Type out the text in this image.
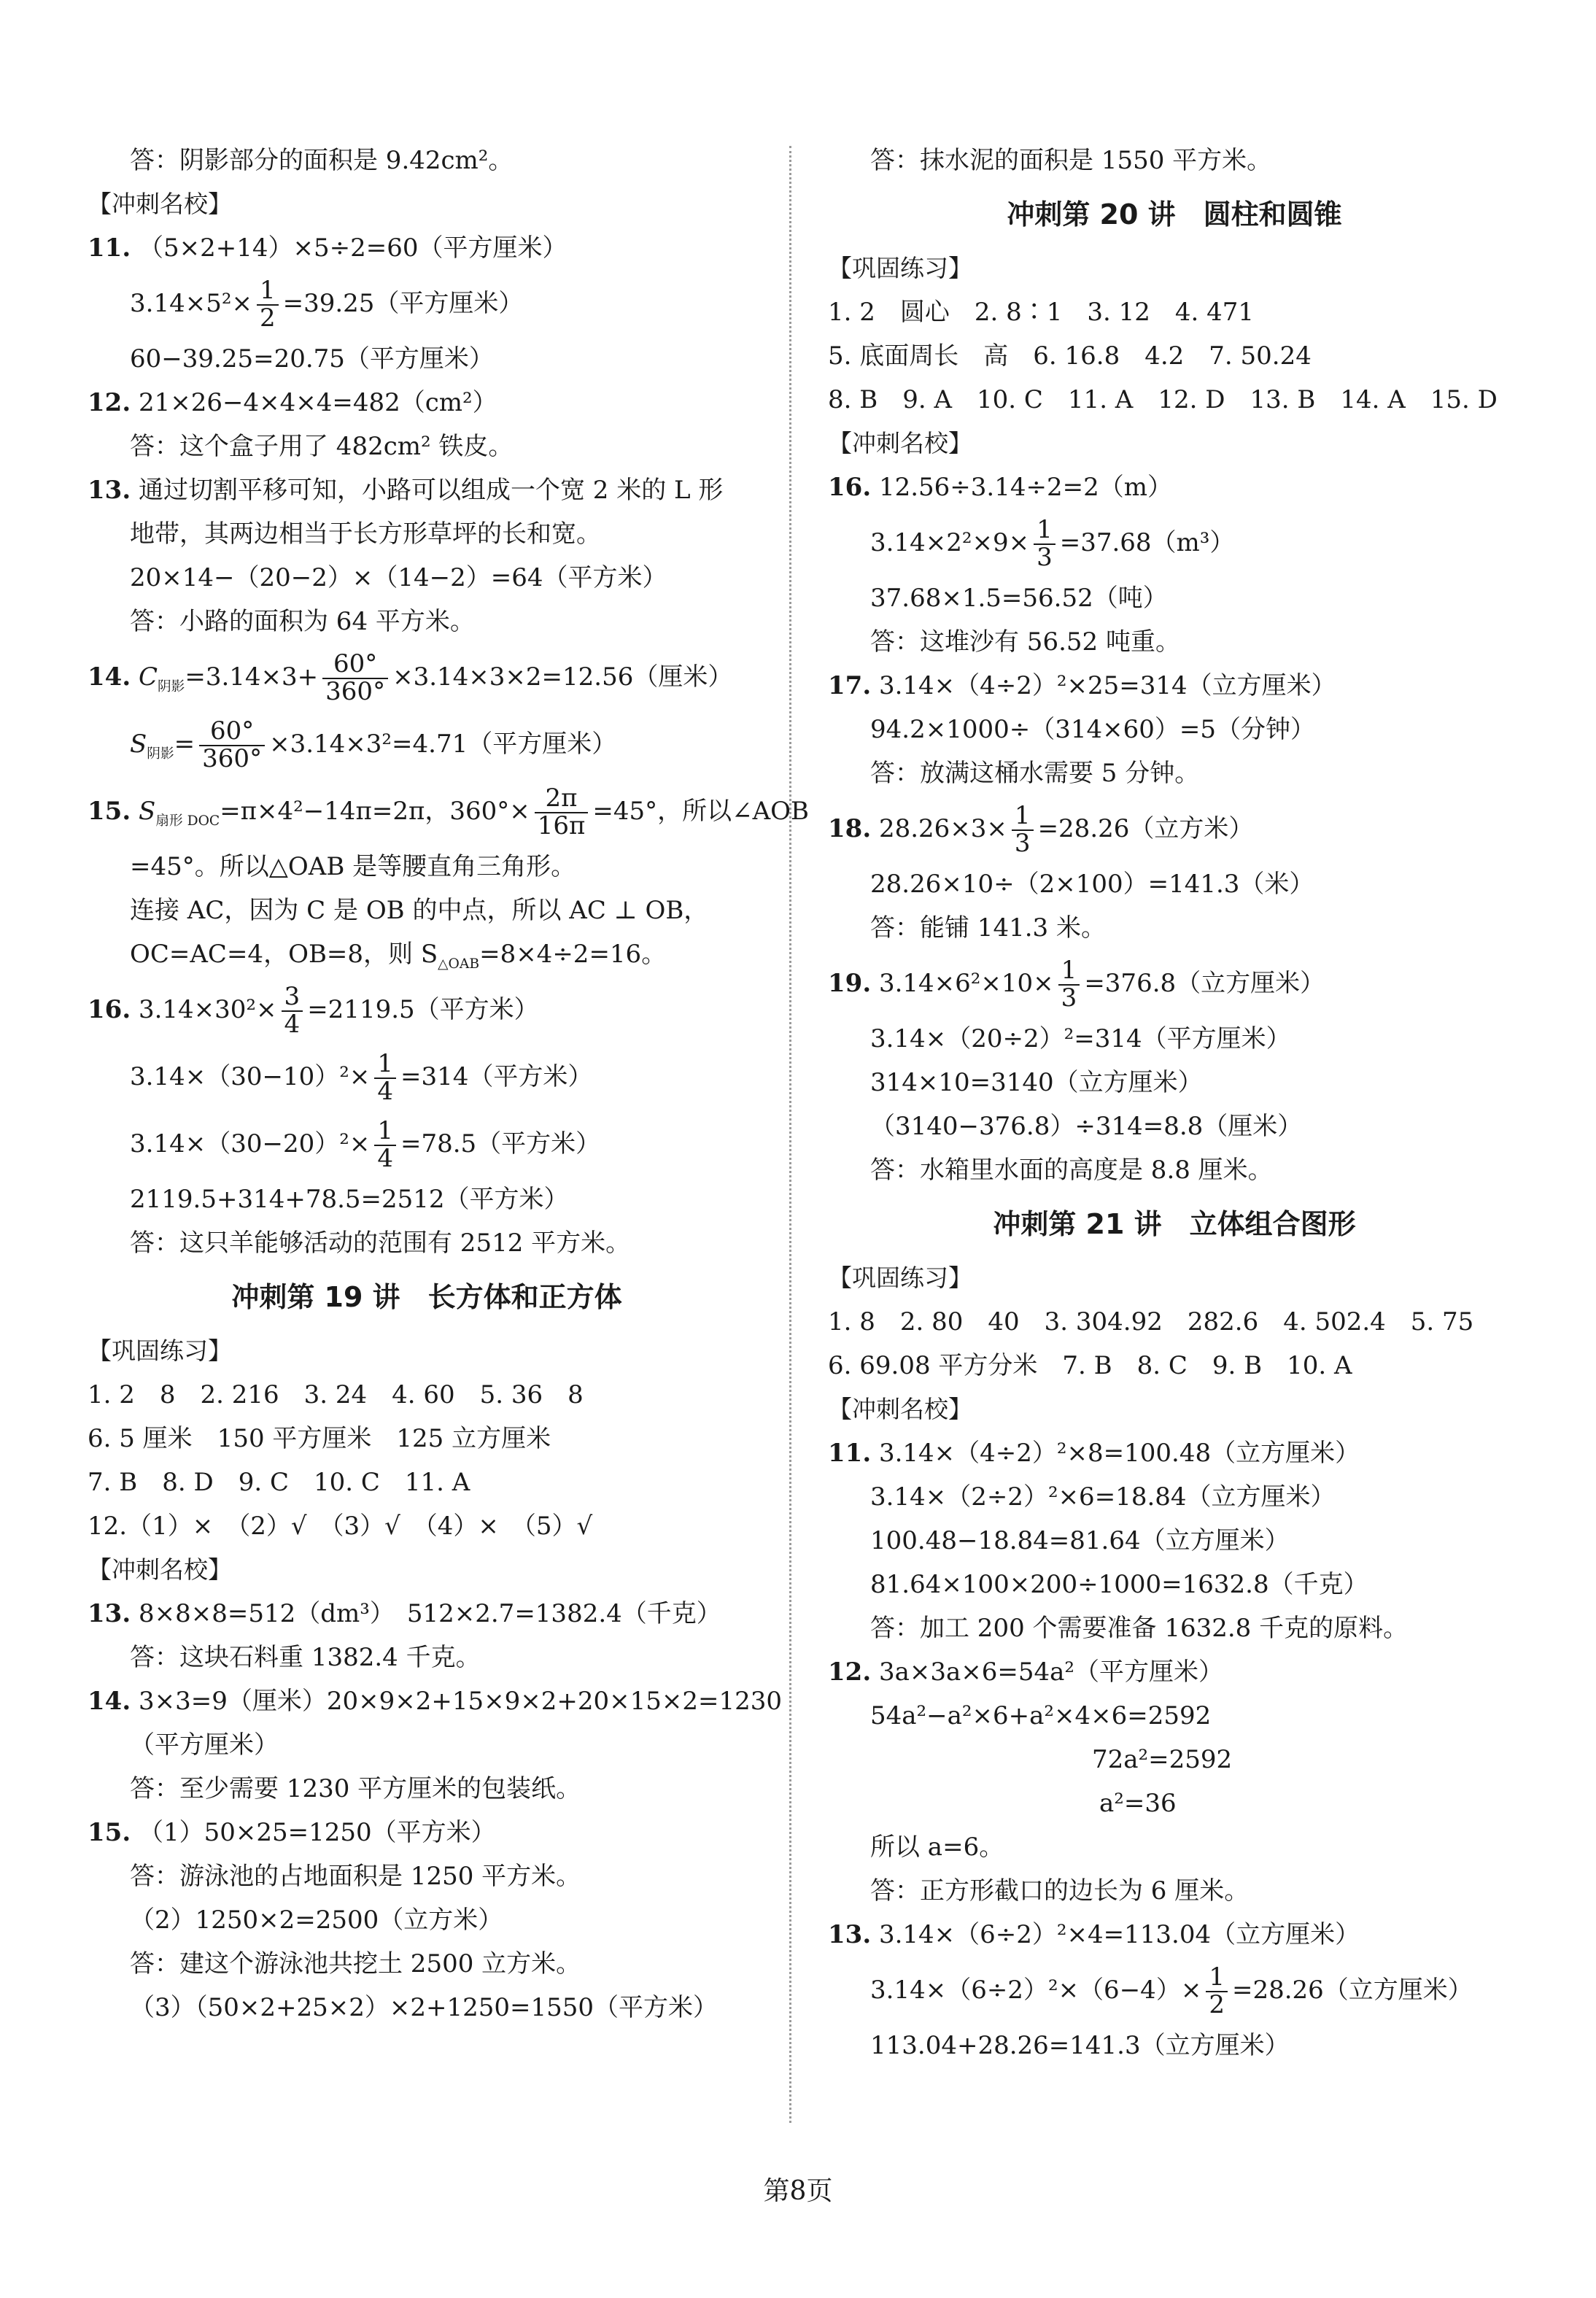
答：阴影部分的面积是 9.42cm²。
【冲刺名校】
11. （5×2+14）×5÷2=60（平方厘米）
$3.14\times 5^2\times \frac{1}{2} =39.25$（平方厘米）
60−39.25=20.75（平方厘米）
12. 21×26−4×4×4=482（cm²）
答：这个盒子用了 482cm² 铁皮。
13. 通过切割平移可知，小路可以组成一个宽 2 米的 L 形
地带，其两边相当于长方形草坪的长和宽。
20×14−（20−2）×（14−2）=64（平方米）
答：小路的面积为 64 平方米。
14. $C_{阴影}=3.14\times 3+ \frac{60^\circ}{360^\circ} \times 3.14\times 3\times 2=12.56$（厘米）
$S_{阴影}= \frac{60^\circ}{360^\circ} \times 3.14\times 3^2=4.71$（平方厘米）
15. $S_{扇形 DOC}=\pi\times 4^2-14\pi=2\pi$，$360^\circ\times \frac{2\pi}{16\pi} =45^\circ$，所以∠AOB
=45°。所以△OAB 是等腰直角三角形。
连接 AC，因为 C 是 OB 的中点，所以 AC ⊥ OB，
OC=AC=4，OB=8，则 $S_{\triangle OAB}=8\times 4\div 2=16$。
16. $3.14\times 30^2\times \frac{3}{4} =2119.5$（平方米）
$3.14\times(30-10)^2\times \frac{1}{4} =314$（平方米）
$3.14\times(30-20)^2\times \frac{1}{4} =78.5$（平方米）
2119.5+314+78.5=2512（平方米）
答：这只羊能够活动的范围有 2512 平方米。
冲刺第 19 讲　长方体和正方体
【巩固练习】
1. 2　8　2. 216　3. 24　4. 60　5. 36　8
6. 5 厘米　150 平方厘米　125 立方厘米
7. B　8. D　9. C　10. C　11. A
12.（1）×　（2）√　（3）√　（4）×　（5）√
【冲刺名校】
13. 8×8×8=512（dm³）　512×2.7=1382.4（千克）
答：这块石料重 1382.4 千克。
14. 3×3=9（厘米）20×9×2+15×9×2+20×15×2=1230
（平方厘米）
答：至少需要 1230 平方厘米的包装纸。
15. （1）50×25=1250（平方米）
答：游泳池的占地面积是 1250 平方米。
（2）1250×2=2500（立方米）
答：建这个游泳池共挖土 2500 立方米。
（3）（50×2+25×2）×2+1250=1550（平方米）
答：抹水泥的面积是 1550 平方米。
冲刺第 20 讲　圆柱和圆锥
【巩固练习】
1. 2　圆心　2. 8∶1　3. 12　4. 471
5. 底面周长　高　6. 16.8　4.2　7. 50.24
8. B　9. A　10. C　11. A　12. D　13. B　14. A　15. D
【冲刺名校】
16. 12.56÷3.14÷2=2（m）
$3.14\times 2^2\times 9\times \frac{1}{3} =37.68(m^3)$
37.68×1.5=56.52（吨）
答：这堆沙有 56.52 吨重。
17. 3.14×（4÷2）²×25=314（立方厘米）
94.2×1000÷（314×60）=5（分钟）
答：放满这桶水需要 5 分钟。
18. $28.26\times 3\times \frac{1}{3} =28.26$（立方米）
28.26×10÷（2×100）=141.3（米）
答：能铺 141.3 米。
19. $3.14\times 6^2\times 10\times \frac{1}{3} =376.8$（立方厘米）
3.14×（20÷2）²=314（平方厘米）
314×10=3140（立方厘米）
（3140−376.8）÷314=8.8（厘米）
答：水箱里水面的高度是 8.8 厘米。
冲刺第 21 讲　立体组合图形
【巩固练习】
1. 8　2. 80　40　3. 304.92　282.6　4. 502.4　5. 75
6. 69.08 平方分米　7. B　8. C　9. B　10. A
【冲刺名校】
11. 3.14×（4÷2）²×8=100.48（立方厘米）
3.14×（2÷2）²×6=18.84（立方厘米）
100.48−18.84=81.64（立方厘米）
81.64×100×200÷1000=1632.8（千克）
答：加工 200 个需要准备 1632.8 千克的原料。
12. 3a×3a×6=54a²（平方厘米）
54a²−a²×6+a²×4×6=2592
72a²=2592
a²=36
所以 a=6。
答：正方形截口的边长为 6 厘米。
13. 3.14×（6÷2）²×4=113.04（立方厘米）
$3.14\times(6\div 2)^2\times(6-4)\times \frac{1}{2} =28.26$（立方厘米）
113.04+28.26=141.3（立方厘米）
第8页
